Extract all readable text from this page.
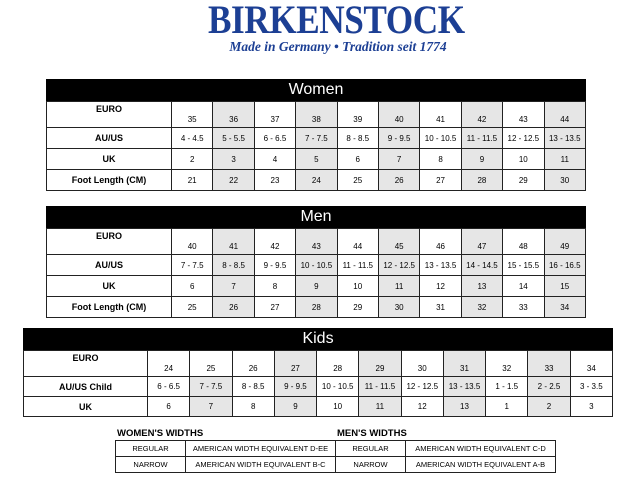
BIRKENSTOCK
Made in Germany • Tradition seit 1774
Women
EURO	35	36	37	38	39	40	41	42	43	44
AU/US	4 - 4.5	5 - 5.5	6 - 6.5	7 - 7.5	8 - 8.5	9 - 9.5	10 - 10.5	11 - 11.5	12 - 12.5	13 - 13.5
UK	2	3	4	5	6	7	8	9	10	11
Foot Length (CM)	21	22	23	24	25	26	27	28	29	30
Men
EURO	40	41	42	43	44	45	46	47	48	49
AU/US	7 - 7.5	8 - 8.5	9 - 9.5	10 - 10.5	11 - 11.5	12 - 12.5	13 - 13.5	14 - 14.5	15 - 15.5	16 - 16.5
UK	6	7	8	9	10	11	12	13	14	15
Foot Length (CM)	25	26	27	28	29	30	31	32	33	34
Kids
EURO	24	25	26	27	28	29	30	31	32	33	34
AU/US Child	6 - 6.5	7 - 7.5	8 - 8.5	9 - 9.5	10 - 10.5	11 - 11.5	12 - 12.5	13 - 13.5	1 - 1.5	2 - 2.5	3 - 3.5
UK	6	7	8	9	10	11	12	13	1	2	3
WOMEN'S WIDTHS
REGULAR	AMERICAN WIDTH EQUIVALENT D-EE
NARROW	AMERICAN WIDTH EQUIVALENT B-C
MEN'S WIDTHS
REGULAR	AMERICAN WIDTH EQUIVALENT C-D
NARROW	AMERICAN WIDTH EQUIVALENT A-B
